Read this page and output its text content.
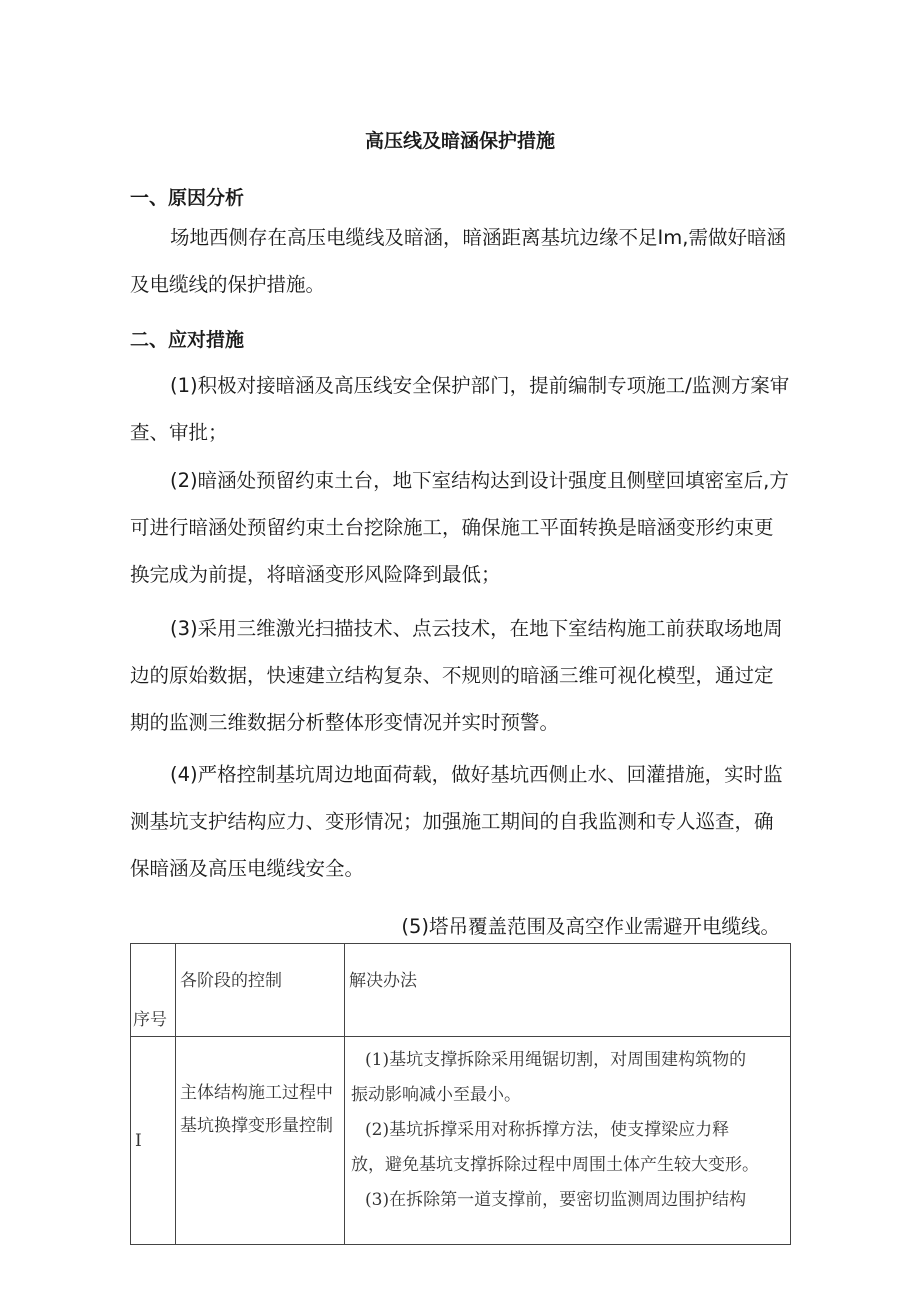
高压线及暗涵保护措施
一、原因分析

场地西侧存在高压电缆线及暗涵，暗涵距离基坑边缘不足Im,需做好暗涵及电缆线的保护措施。

二、应对措施

(1)积极对接暗涵及高压线安全保护部门，提前编制专项施工/监测方案审查、审批；

(2)暗涵处预留约束土台，地下室结构达到设计强度且侧壁回填密室后,方可进行暗涵处预留约束土台挖除施工，确保施工平面转换是暗涵变形约束更换完成为前提，将暗涵变形风险降到最低；

(3)采用三维激光扫描技术、点云技术，在地下室结构施工前获取场地周边的原始数据，快速建立结构复杂、不规则的暗涵三维可视化模型，通过定期的监测三维数据分析整体形变情况并实时预警。

(4)严格控制基坑周边地面荷载，做好基坑西侧止水、回灌措施，实时监测基坑支护结构应力、变形情况；加强施工期间的自我监测和专人巡查，确保暗涵及高压电缆线安全。

(5)塔吊覆盖范围及高空作业需避开电缆线。

序号	各阶段的控制	解决办法
I	主体结构施工过程中基坑换撑变形量控制	(1)基坑支撑拆除采用绳锯切割，对周围建构筑物的
振动影响减小至最小。
(2)基坑拆撑采用对称拆撑方法，使支撑梁应力释
放，避免基坑支撑拆除过程中周围土体产生较大变形。
(3)在拆除第一道支撑前，要密切监测周边围护结构
